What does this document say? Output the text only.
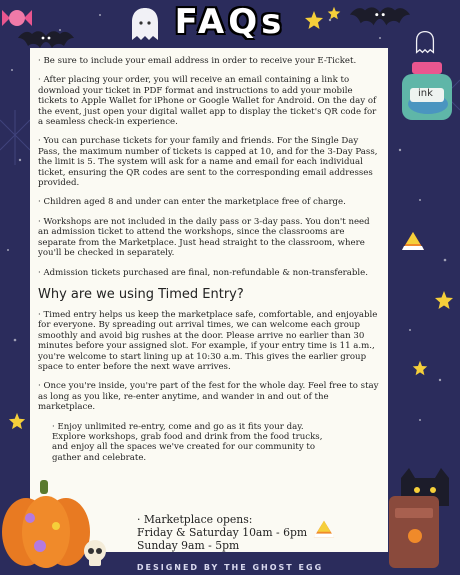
FAQs
ink

· Be sure to include your email address in order to receive your E-Ticket.

· After placing your order, you will receive an email containing a link to download your ticket in PDF format and instructions to add your mobile tickets to Apple Wallet for iPhone or Google Wallet for Android. On the day of the event, just open your digital wallet app to display the ticket's QR code for a seamless check-in experience.

· You can purchase tickets for your family and friends. For the Single Day Pass, the maximum number of tickets is capped at 10, and for the 3-Day Pass, the limit is 5. The system will ask for a name and email for each individual ticket, ensuring the QR codes are sent to the corresponding email addresses provided.

· Children aged 8 and under can enter the marketplace free of charge.

· Workshops are not included in the daily pass or 3-day pass. You don't need an admission ticket to attend the workshops, since the classrooms are separate from the Marketplace. Just head straight to the classroom, where you'll be checked in separately.

· Admission tickets purchased are final, non-refundable & non-transferable.

Why are we using Timed Entry?

· Timed entry helps us keep the marketplace safe, comfortable, and enjoyable for everyone. By spreading out arrival times, we can welcome each group smoothly and avoid big rushes at the door. Please arrive no earlier than 30 minutes before your assigned slot. For example, if your entry time is 11 a.m., you're welcome to start lining up at 10:30 a.m. This gives the earlier group space to enter before the next wave arrives.

· Once you're inside, you're part of the fest for the whole day. Feel free to stay as long as you like, re-enter anytime, and wander in and out of the marketplace.

· Enjoy unlimited re-entry, come and go as it fits your day. Explore workshops, grab food and drink from the food trucks, and enjoy all the spaces we've created for our community to gather and celebrate.

· Marketplace opens:
Friday & Saturday 10am - 6pm
Sunday 9am - 5pm
DESIGNED BY THE GHOST EGG
